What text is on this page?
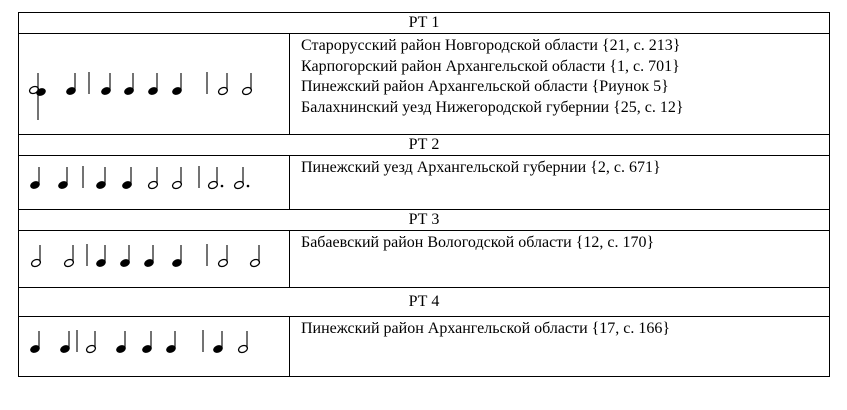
РТ 1	

Старорусский район Новгородской области {21, с. 213}
Карпогорский район Архангельской области {1, с. 701}
Пинежский район Архангельской области {Риунок 5}
Балахнинский уезд Нижегородской губернии {25, с. 12}

РТ 2	

Пинежский уезд Архангельской губернии {2, с. 671}

РТ 3	

Бабаевский район Вологодской области {12, с. 170}

РТ 4	

Пинежский район Архангельской области {17, с. 166}
